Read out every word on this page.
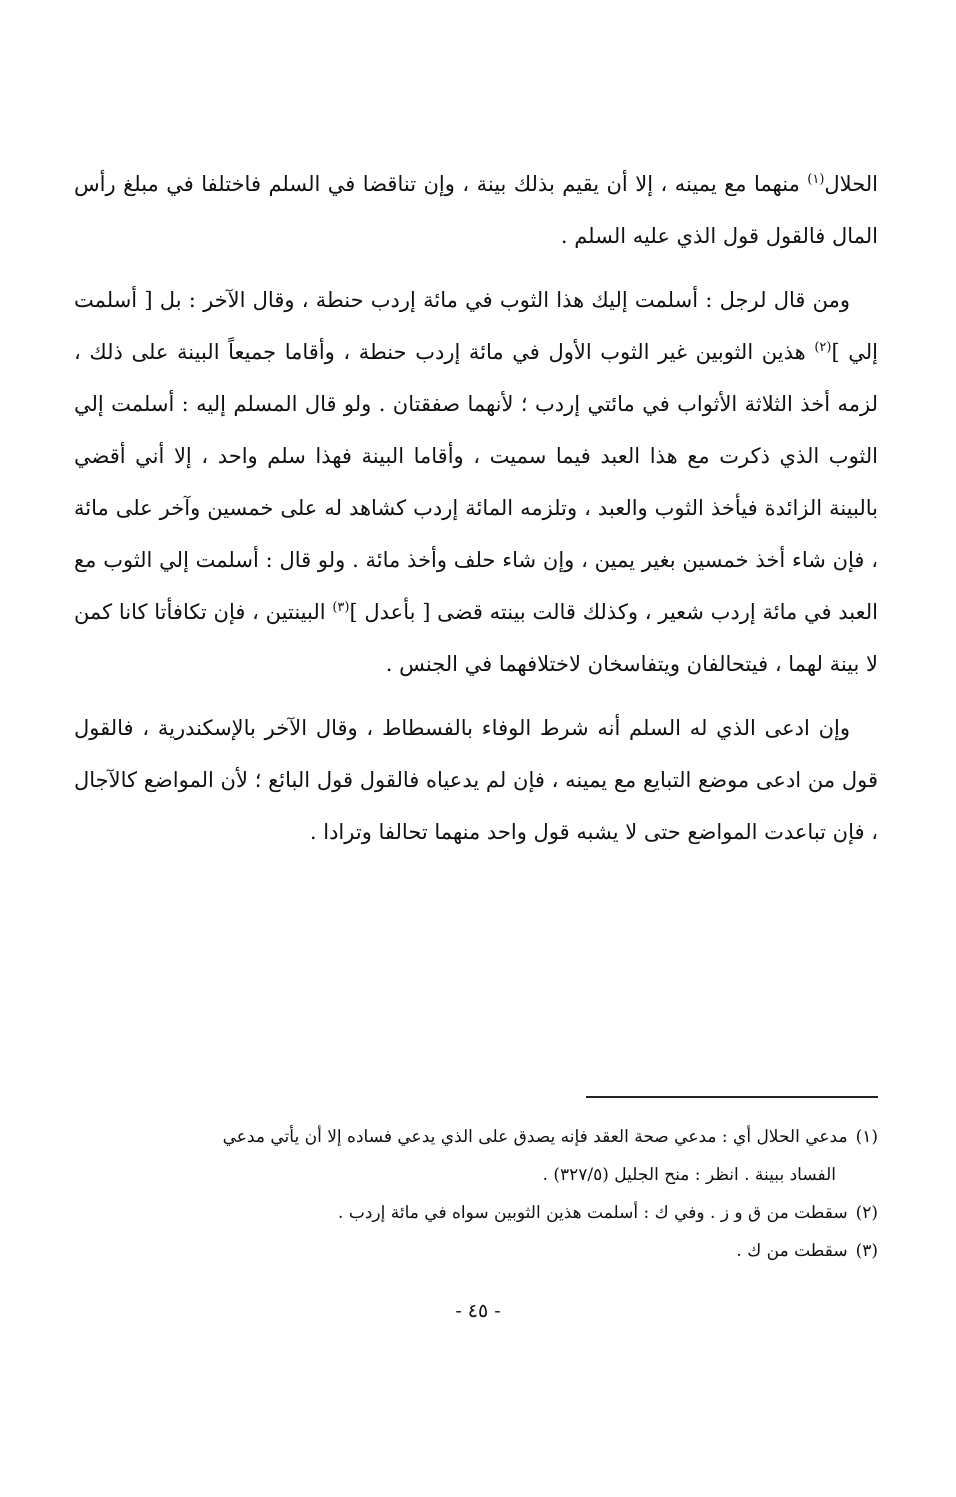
الحلال$^{(١)}$ منهما مع يمينه ، إلا أن يقيم بذلك بينة ، وإن تناقضا في السلم فاختلفا في مبلغ رأس المال فالقول قول الذي عليه السلم .

ومن قال لرجل : أسلمت إليك هذا الثوب في مائة إردب حنطة ، وقال الآخر : بل [ أسلمت إلي ]$^{(٢)}$ هذين الثوبين غير الثوب الأول في مائة إردب حنطة ، وأقاما جميعاً البينة على ذلك ، لزمه أخذ الثلاثة الأثواب في مائتي إردب ؛ لأنهما صفقتان . ولو قال المسلم إليه : أسلمت إلي الثوب الذي ذكرت مع هذا العبد فيما سميت ، وأقاما البينة فهذا سلم واحد ، إلا أني أقضي بالبينة الزائدة فيأخذ الثوب والعبد ، وتلزمه المائة إردب كشاهد له على خمسين وآخر على مائة ، فإن شاء أخذ خمسين بغير يمين ، وإن شاء حلف وأخذ مائة . ولو قال : أسلمت إلي الثوب مع العبد في مائة إردب شعير ، وكذلك قالت بينته قضى [ بأعدل ]$^{(٣)}$ البينتين ، فإن تكافأتا كانا كمن لا بينة لهما ، فيتحالفان ويتفاسخان لاختلافهما في الجنس .

وإن ادعى الذي له السلم أنه شرط الوفاء بالفسطاط ، وقال الآخر بالإسكندرية ، فالقول قول من ادعى موضع التبايع مع يمينه ، فإن لم يدعياه فالقول قول البائع ؛ لأن المواضع كالآجال ، فإن تباعدت المواضع حتى لا يشبه قول واحد منهما تحالفا وترادا .

(١)مدعي الحلال أي : مدعي صحة العقد فإنه يصدق على الذي يدعي فساده إلا أن يأتي مدعي

الفساد ببينة . انظر : منح الجليل (٣٢٧/٥) .

(٢)سقطت من ق و ز . وفي ك : أسلمت هذين الثوبين سواه في مائة إردب .

(٣)سقطت من ك .

- ٤٥ -
